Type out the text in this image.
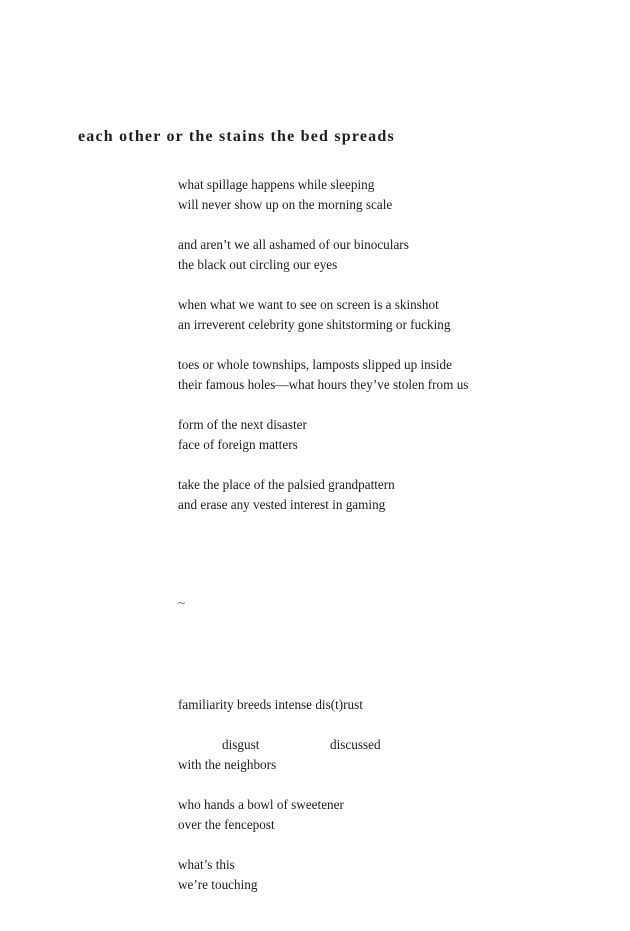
each other or the stains the bed spreads

what spillage happens while sleeping
will never show up on the morning scale

and aren’t we all ashamed of our binoculars
the black out circling our eyes

when what we want to see on screen is a skinshot
an irreverent celebrity gone shitstorming or fucking

toes or whole townships, lamposts slipped up inside
their famous holes—what hours they’ve stolen from us

form of the next disaster
face of foreign matters

take the place of the palsied grandpattern
and erase any vested interest in gaming

~

familiarity breeds intense dis(t)rust

disgust	discussed
with the neighbors

who hands a bowl of sweetener
over the fencepost

what’s this
we’re touching
